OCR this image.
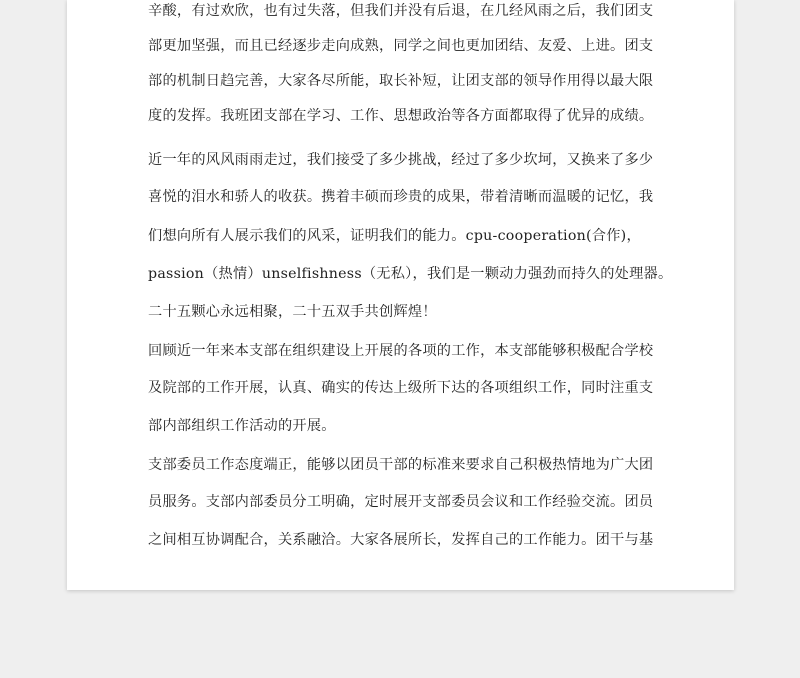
辛酸，有过欢欣，也有过失落，但我们并没有后退，在几经风雨之后，我们团支
部更加坚强，而且已经逐步走向成熟，同学之间也更加团结、友爱、上进。团支
部的机制日趋完善，大家各尽所能，取长补短，让团支部的领导作用得以最大限
度的发挥。我班团支部在学习、工作、思想政治等各方面都取得了优异的成绩。
近一年的风风雨雨走过，我们接受了多少挑战，经过了多少坎坷，又换来了多少
喜悦的泪水和骄人的收获。携着丰硕而珍贵的成果，带着清晰而温暖的记忆，我
们想向所有人展示我们的风采，证明我们的能力。cpu-cooperation(合作)，
passion（热情）unselfishness（无私），我们是一颗动力强劲而持久的处理器。
二十五颗心永远相聚，二十五双手共创辉煌！
回顾近一年来本支部在组织建设上开展的各项的工作，本支部能够积极配合学校
及院部的工作开展，认真、确实的传达上级所下达的各项组织工作，同时注重支
部内部组织工作活动的开展。
支部委员工作态度端正，能够以团员干部的标准来要求自己积极热情地为广大团
员服务。支部内部委员分工明确，定时展开支部委员会议和工作经验交流。团员
之间相互协调配合，关系融洽。大家各展所长，发挥自己的工作能力。团干与基
